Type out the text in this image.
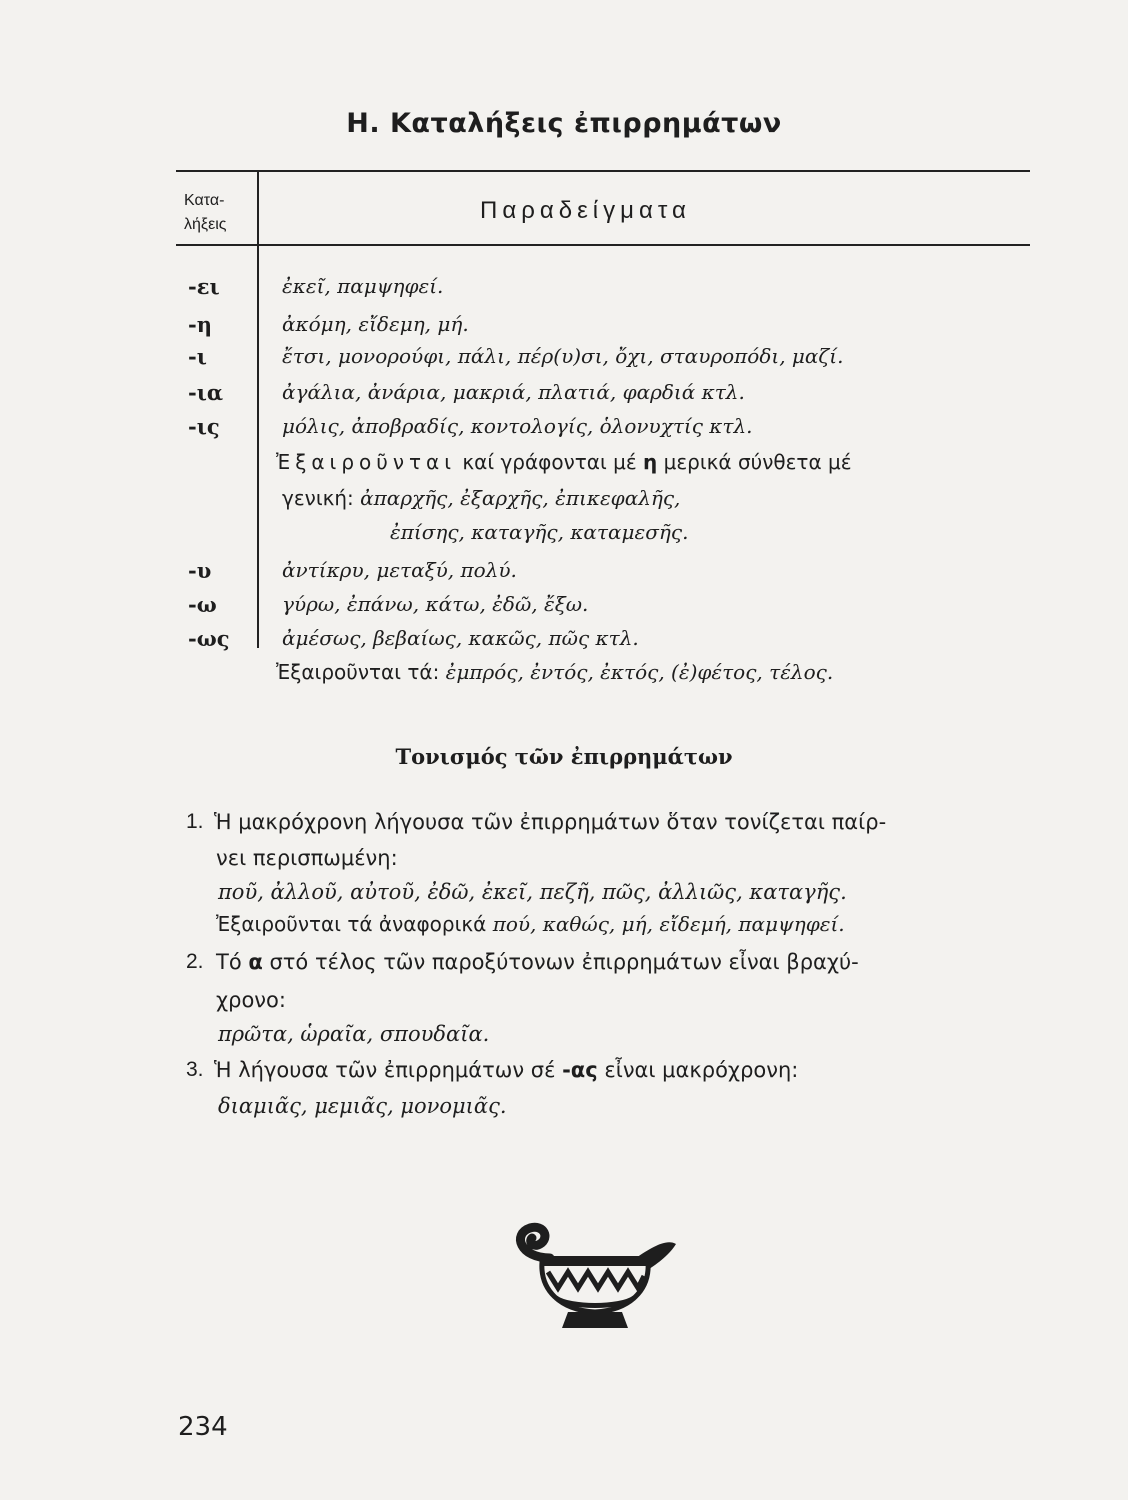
Η. Καταλήξεις ἐπιρρημάτων
Κατα-
λήξεις
Παραδείγματα
-ει	ἐκεῖ, παμψηφεί.
-η	ἀκόμη, εἴδεμη, μή.
-ι	ἔτσι, μονορούφι, πάλι, πέρ(υ)σι, ὄχι, σταυροπόδι, μαζί.
-ια	ἀγάλια, ἀνάρια, μακριά, πλατιά, φαρδιά κτλ.
-ις	μόλις, ἀποβραδίς, κοντολογίς, ὁλονυχτίς κτλ.
Ἐξαιροῦνται καί γράφονται μέ η μερικά σύνθετα μέ
γενική: ἀπαρχῆς, ἐξαρχῆς, ἐπικεφαλῆς,
ἐπίσης, καταγῆς, καταμεσῆς.
-υ	ἀντίκρυ, μεταξύ, πολύ.
-ω	γύρω, ἐπάνω, κάτω, ἐδῶ, ἔξω.
-ως	ἀμέσως, βεβαίως, κακῶς, πῶς κτλ.
Ἐξαιροῦνται τά: ἐμπρός, ἐντός, ἐκτός, (ἐ)φέτος, τέλος.
Τονισμός τῶν ἐπιρρημάτων
1. Ἡ μακρόχρονη λήγουσα τῶν ἐπιρρημάτων ὅταν τονίζεται παίρ-
νει περισπωμένη:
ποῦ, ἀλλοῦ, αὐτοῦ, ἐδῶ, ἐκεῖ, πεζῆ, πῶς, ἀλλιῶς, καταγῆς.
Ἐξαιροῦνται τά ἀναφορικά πού, καθώς, μή, εἴδεμή, παμψηφεί.
2. Τό α στό τέλος τῶν παροξύτονων ἐπιρρημάτων εἶναι βραχύ-
χρονο:
πρῶτα, ὡραῖα, σπουδαῖα.
3. Ἡ λήγουσα τῶν ἐπιρρημάτων σέ -ας εἶναι μακρόχρονη:
διαμιᾶς, μεμιᾶς, μονομιᾶς.
234
